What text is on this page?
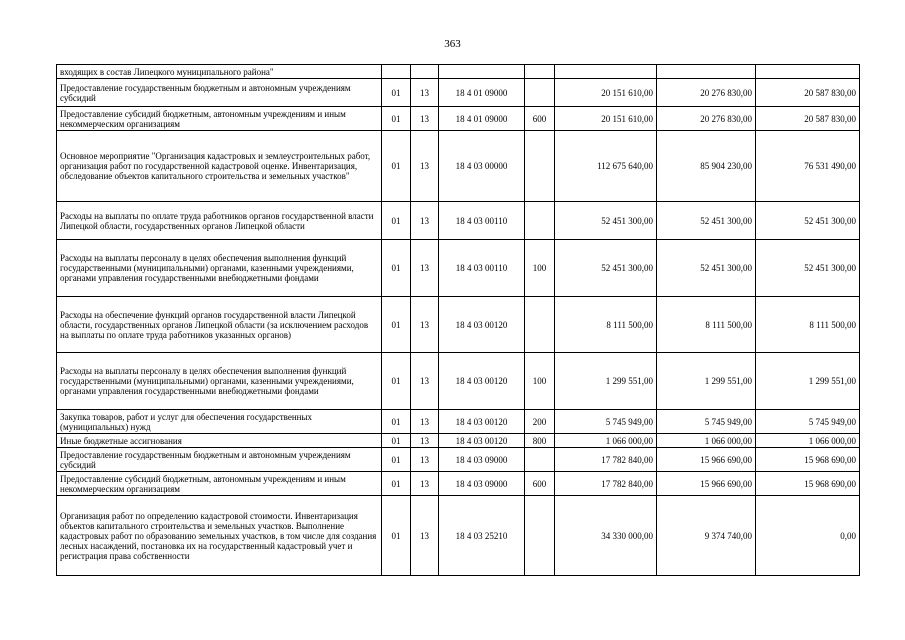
363
входящих в состав Липецкого муниципального района"							
Предоставление государственным бюджетным и автономным учреждениям субсидий	01	13	18 4 01 09000		20 151 610,00	20 276 830,00	20 587 830,00
Предоставление субсидий бюджетным, автономным учреждениям и иным некоммерческим организациям	01	13	18 4 01 09000	600	20 151 610,00	20 276 830,00	20 587 830,00
Основное мероприятие "Организация кадастровых и землеустроительных работ, организация работ по государственной кадастровой оценке. Инвентаризация, обследование объектов капитального строительства и земельных участков"	01	13	18 4 03 00000		112 675 640,00	85 904 230,00	76 531 490,00
Расходы на выплаты по оплате труда работников органов государственной власти Липецкой области, государственных органов Липецкой области	01	13	18 4 03 00110		52 451 300,00	52 451 300,00	52 451 300,00
Расходы на выплаты персоналу в целях обеспечения выполнения функций государственными (муниципальными) органами, казенными учреждениями, органами управления государственными внебюджетными фондами	01	13	18 4 03 00110	100	52 451 300,00	52 451 300,00	52 451 300,00
Расходы на обеспечение функций органов государственной власти Липецкой области, государственных органов Липецкой области (за исключением расходов на выплаты по оплате труда работников указанных органов)	01	13	18 4 03 00120		8 111 500,00	8 111 500,00	8 111 500,00
Расходы на выплаты персоналу в целях обеспечения выполнения функций государственными (муниципальными) органами, казенными учреждениями, органами управления государственными внебюджетными фондами	01	13	18 4 03 00120	100	1 299 551,00	1 299 551,00	1 299 551,00
Закупка товаров, работ и услуг для обеспечения государственных (муниципальных) нужд	01	13	18 4 03 00120	200	5 745 949,00	5 745 949,00	5 745 949,00
Иные бюджетные ассигнования	01	13	18 4 03 00120	800	1 066 000,00	1 066 000,00	1 066 000,00
Предоставление государственным бюджетным и автономным учреждениям субсидий	01	13	18 4 03 09000		17 782 840,00	15 966 690,00	15 968 690,00
Предоставление субсидий бюджетным, автономным учреждениям и иным некоммерческим организациям	01	13	18 4 03 09000	600	17 782 840,00	15 966 690,00	15 968 690,00
Организация работ по определению кадастровой стоимости. Инвентаризация объектов капитального строительства и земельных участков. Выполнение кадастровых работ по образованию земельных участков, в том числе для создания лесных насаждений, постановка их на государственный кадастровый учет и регистрация права собственности	01	13	18 4 03 25210		34 330 000,00	9 374 740,00	0,00
